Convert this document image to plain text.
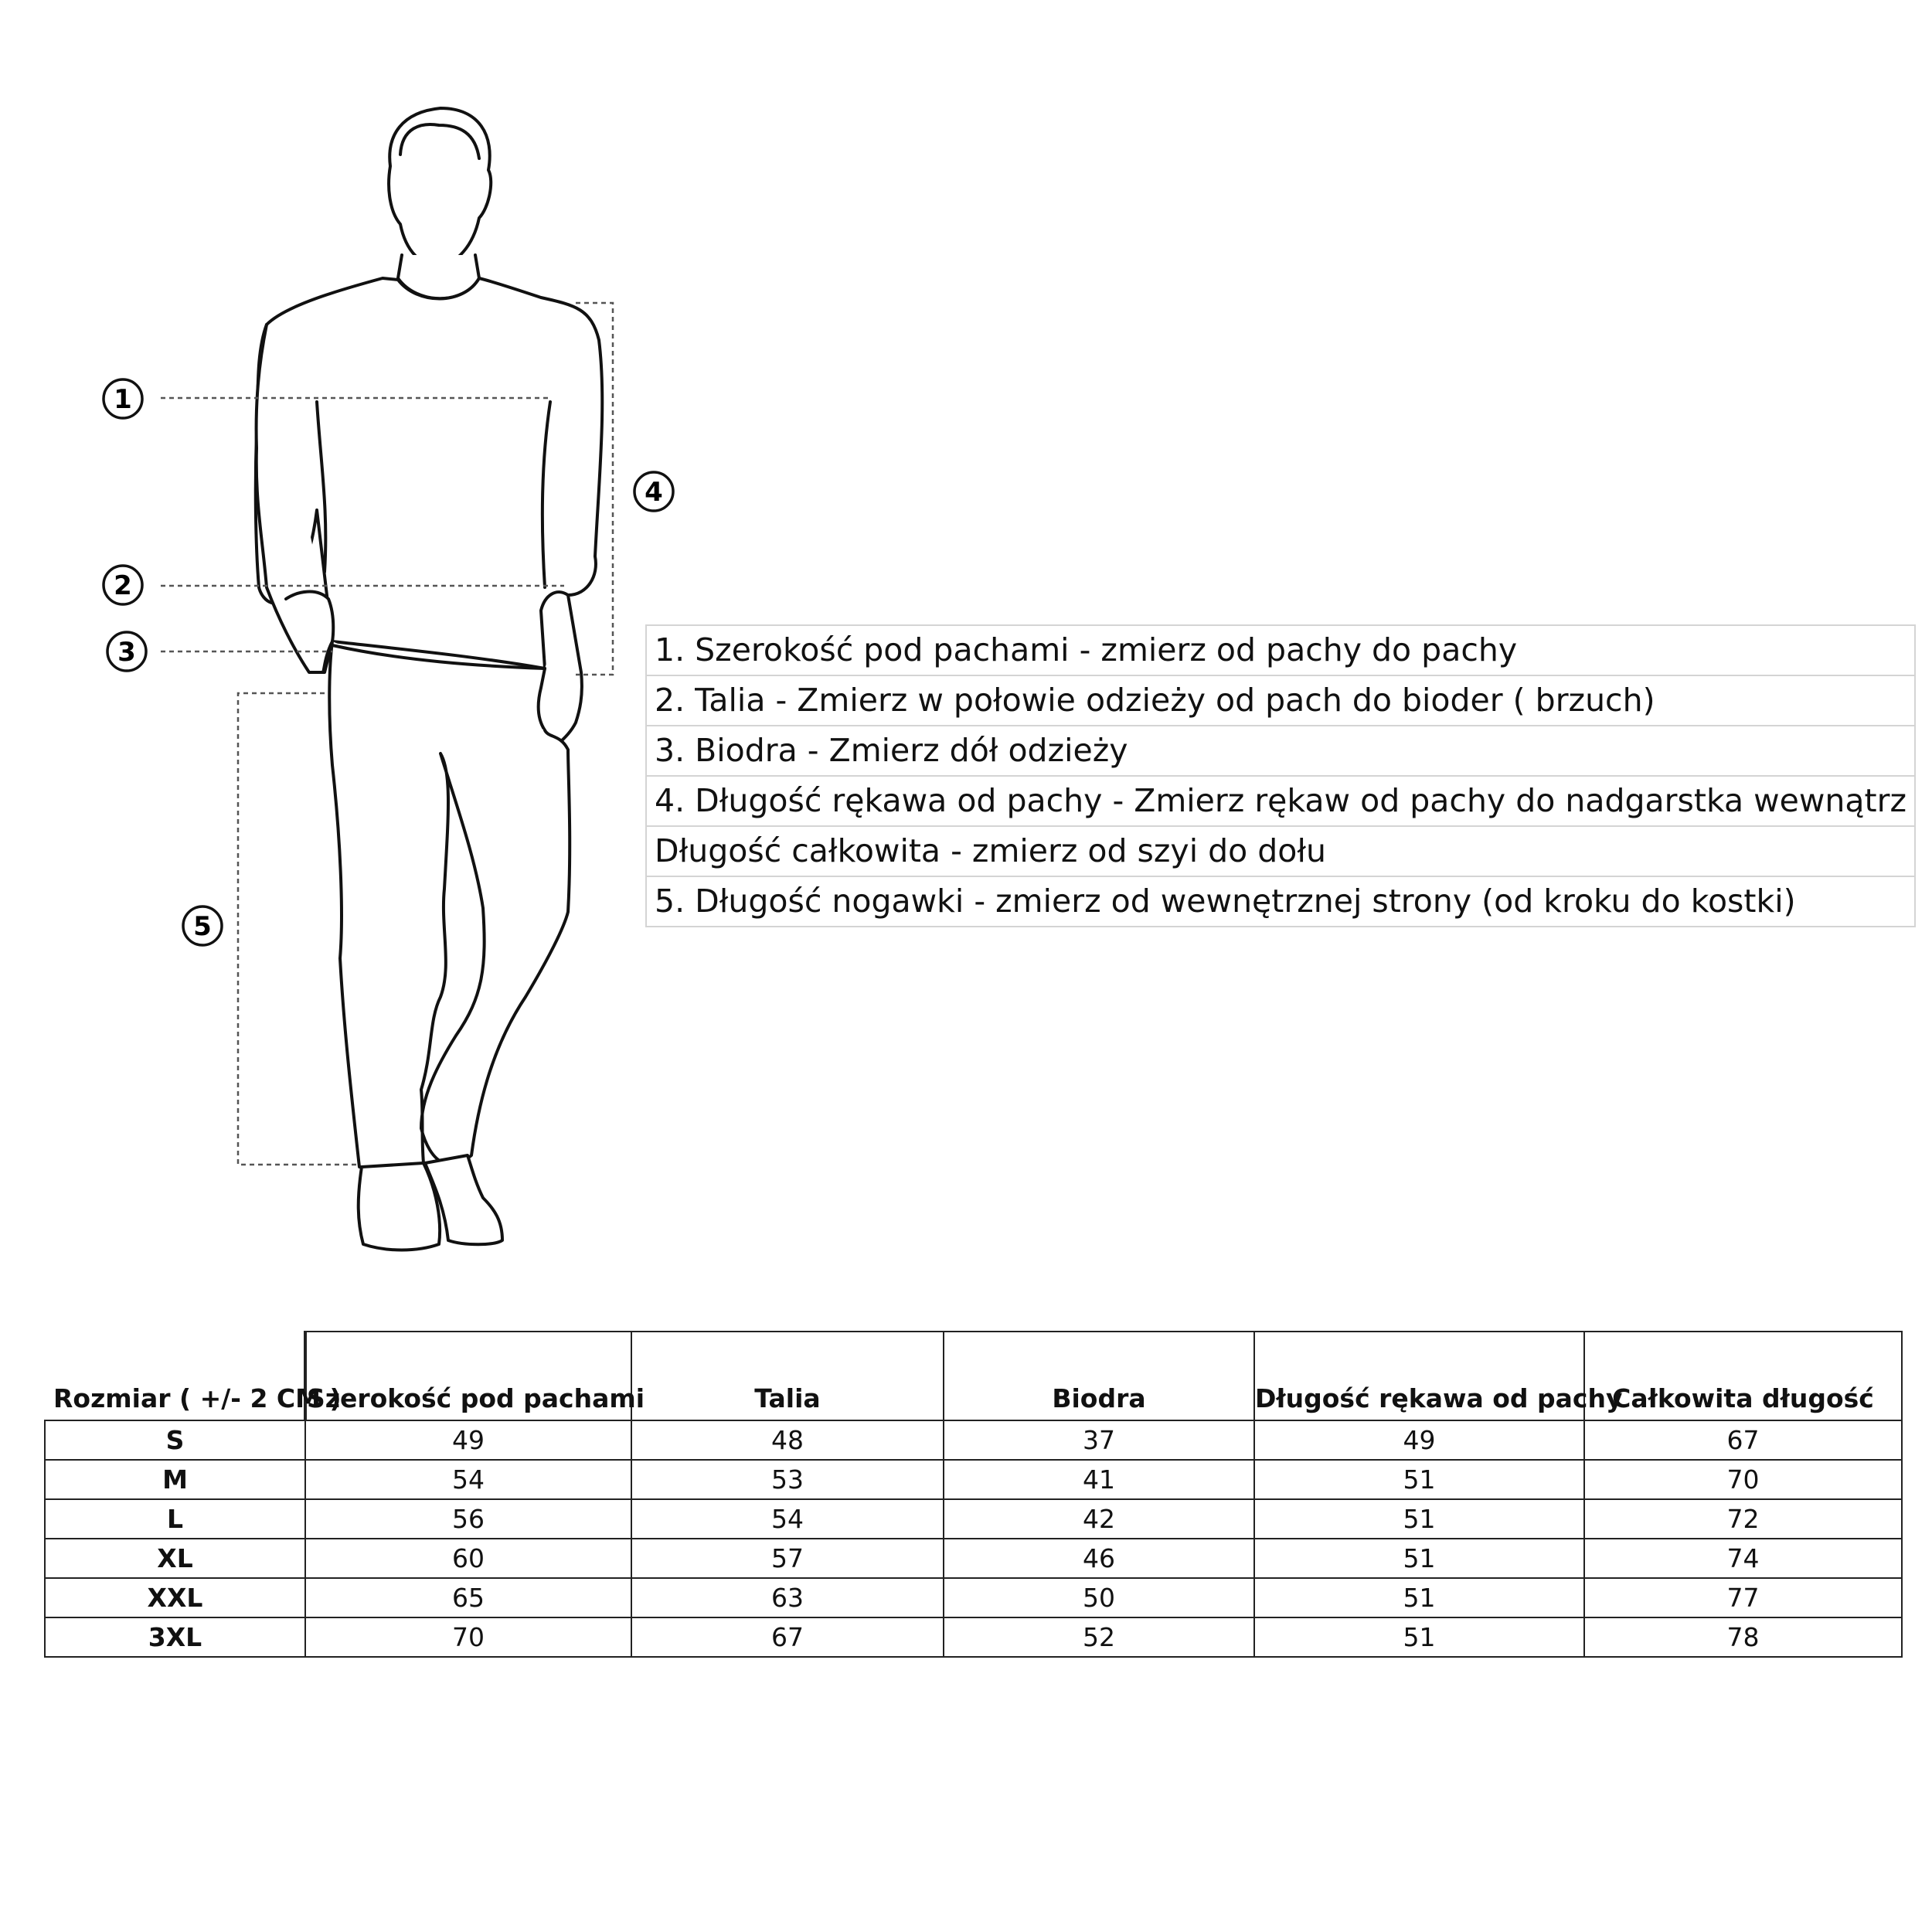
1
2
3
4
5
1. Szerokość pod pachami - zmierz od pachy do pachy
2. Talia - Zmierz w połowie odzieży od pach do bioder ( brzuch)
3. Biodra - Zmierz dół odzieży
4. Długość rękawa od pachy - Zmierz rękaw od pachy do nadgarstka wewnątrz
Długość całkowita - zmierz od szyi do dołu
5. Długość nogawki - zmierz od wewnętrznej strony (od kroku do kostki)
Rozmiar ( +/- 2 CM )	Szerokość pod pachami	Talia	Biodra	Długość rękawa od pachy	Całkowita długość
S	49	48	37	49	67
M	54	53	41	51	70
L	56	54	42	51	72
XL	60	57	46	51	74
XXL	65	63	50	51	77
3XL	70	67	52	51	78
